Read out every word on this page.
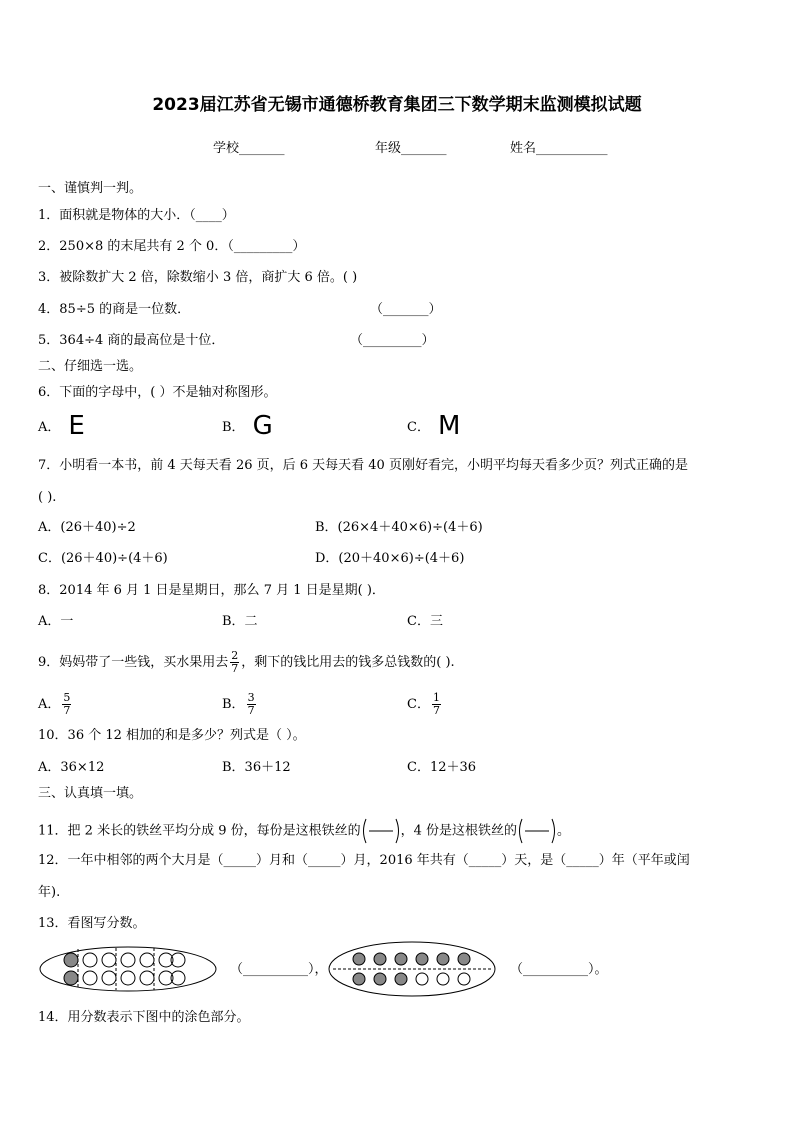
2023届江苏省无锡市通德桥教育集团三下数学期末监测模拟试题
学校_______	年级_______	姓名___________
一、谨慎判一判。
1．面积就是物体的大小．（____）
2．250×8 的末尾共有 2 个 0．（_________）
3．被除数扩大 2 倍，除数缩小 3 倍，商扩大 6 倍。( )
4．85÷5 的商是一位数．	（_______）
5．364÷4 商的最高位是十位．	（_________）
二、仔细选一选。
6．下面的字母中，( ）不是轴对称图形。
A． E	B． G	C． M
7．小明看一本书，前 4 天每天看 26 页，后 6 天每天看 40 页刚好看完，小明平均每天看多少页？列式正确的是
( ).
A．(26＋40)÷2	B．(26×4＋40×6)÷(4＋6)
C．(26＋40)÷(4＋6)	D．(20＋40×6)÷(4＋6)
8．2014 年 6 月 1 日是星期日，那么 7 月 1 日是星期( )．
A．一	B．二	C．三
9．妈妈带了一些钱，买水果用去 $\frac{2}{7}$ ，剩下的钱比用去的钱多总钱数的( ).
A． $\frac{5}{7}$	B． $\frac{3}{7}$	C． $\frac{1}{7}$
10．36 个 12 相加的和是多少？列式是（ ）。
A．36×12	B．36＋12	C．12＋36
三、认真填一填。
11．把 2 米长的铁丝平均分成 9 份，每份是这根铁丝的	，4 份是这根铁丝的	。
12．一年中相邻的两个大月是（_____）月和（_____）月，2016 年共有（_____）天，是（_____）年（平年或闰
年).
13．看图写分数。
（__________），	（__________）。
14．用分数表示下图中的涂色部分。
